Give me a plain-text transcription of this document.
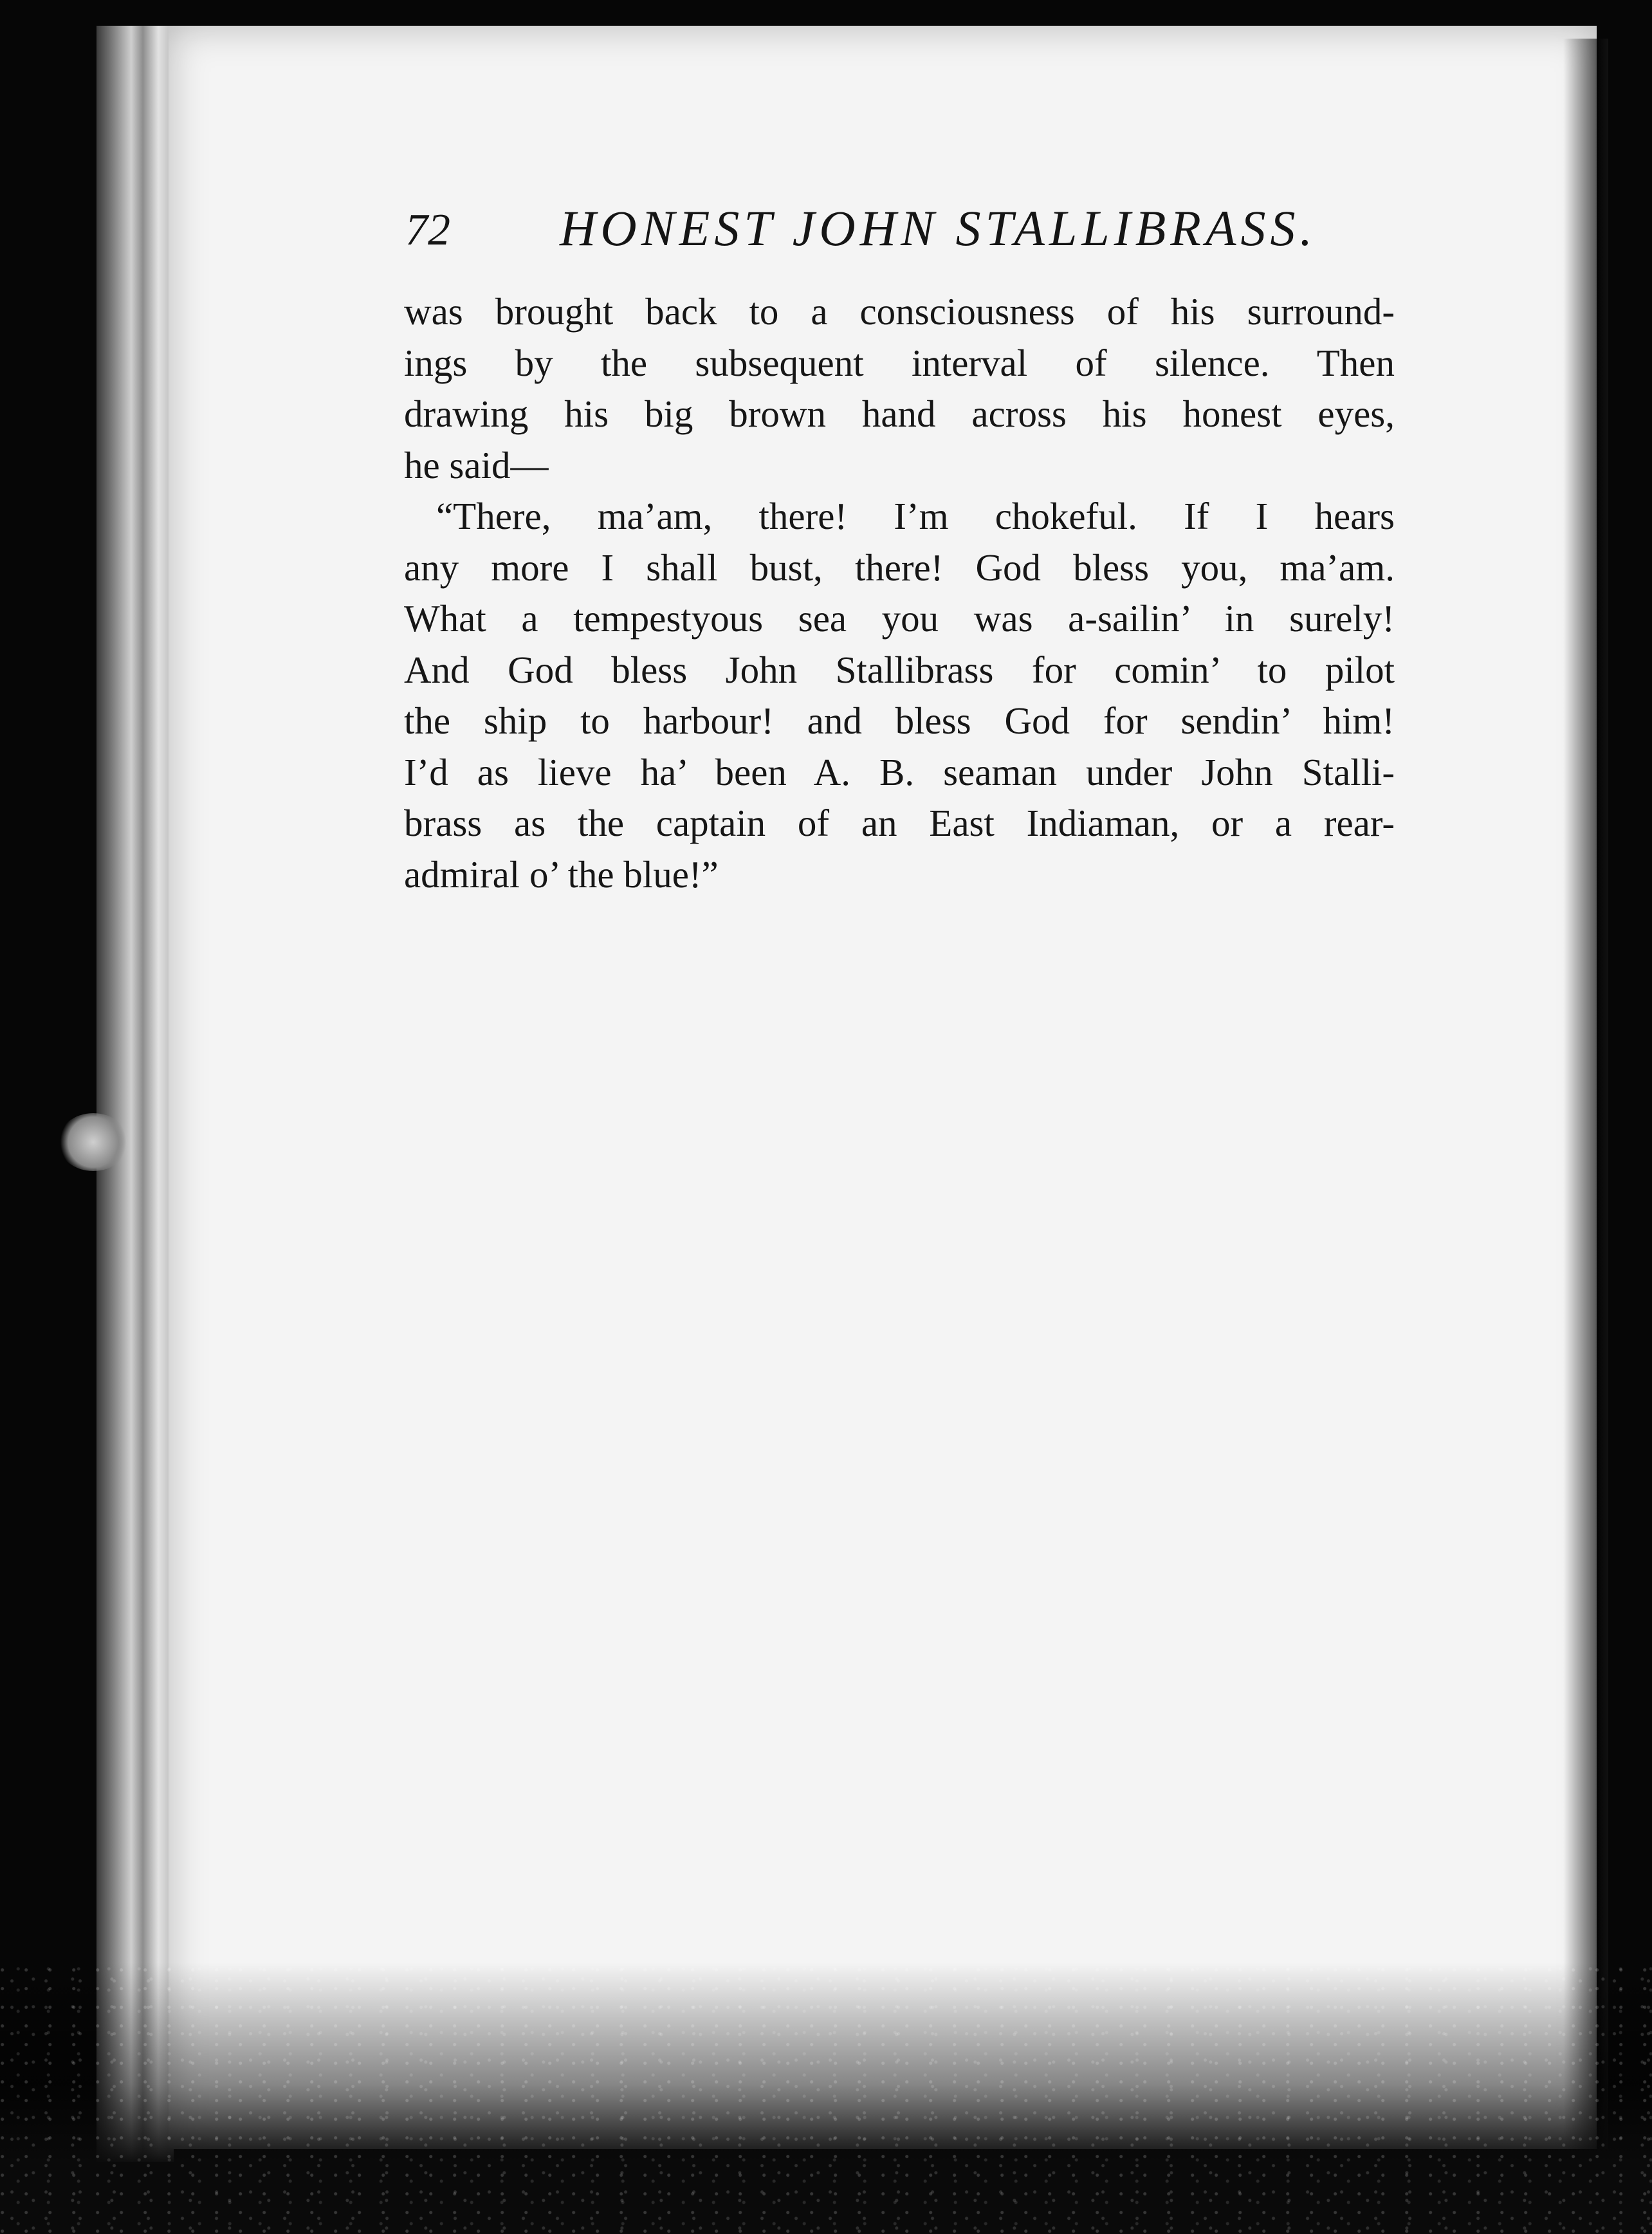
72 HONEST JOHN STALLIBRASS.
was brought back to a consciousness of his surround-
ings by the subsequent interval of silence. Then
drawing his big brown hand across his honest eyes,
he said—
“There, ma’am, there! I’m chokeful. If I hears
any more I shall bust, there! God bless you, ma’am.
What a tempestyous sea you was a-sailin’ in surely!
And God bless John Stallibrass for comin’ to pilot
the ship to harbour! and bless God for sendin’ him!
I’d as lieve ha’ been A. B. seaman under John Stalli-
brass as the captain of an East Indiaman, or a rear-
admiral o’ the blue!”
